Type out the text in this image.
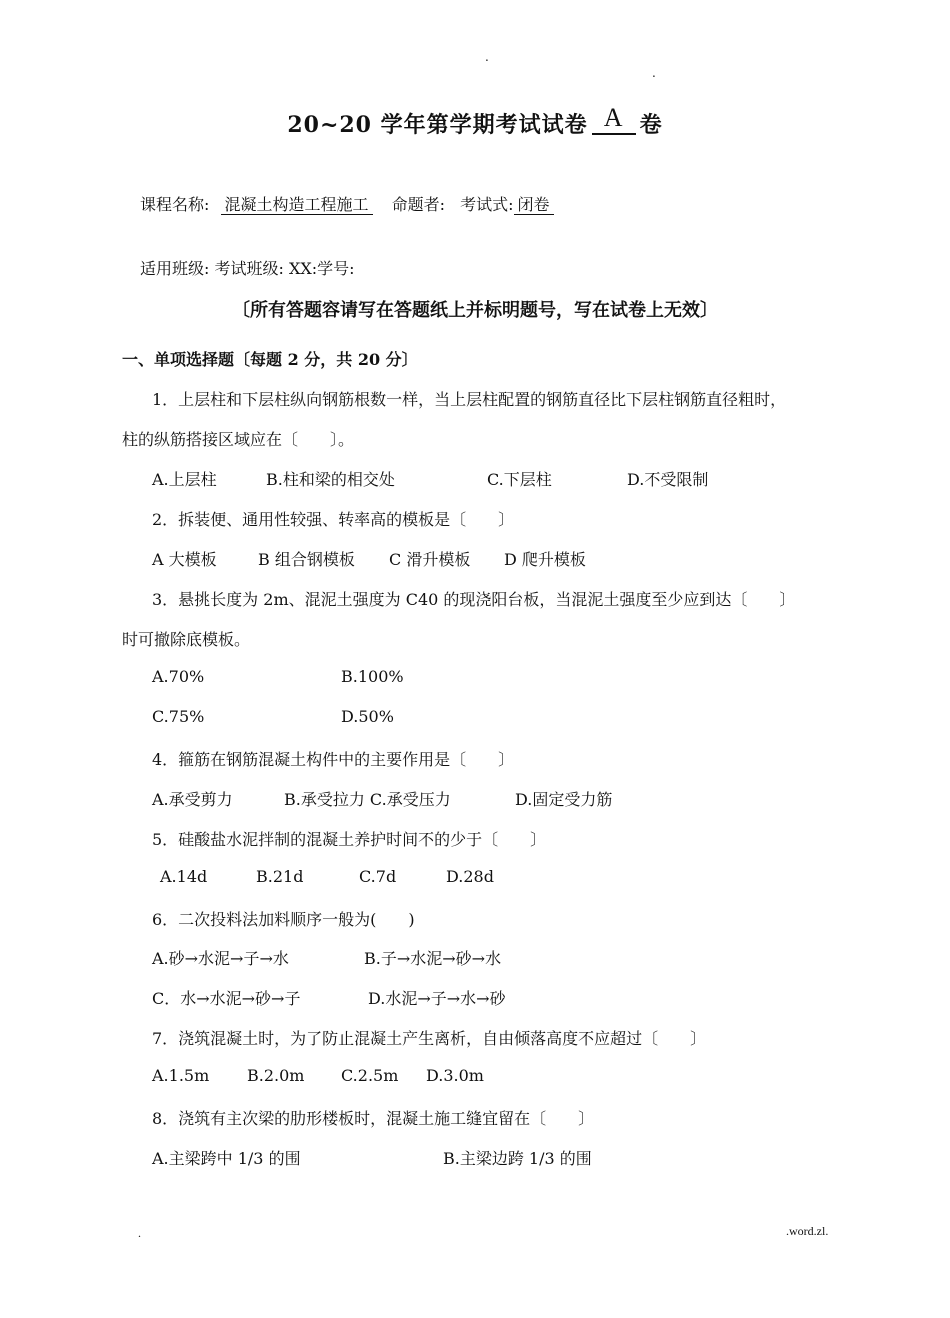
.
.
20~20 学年第学期考试试卷 A 卷
课程名称: 混凝土构造工程施工 命题者: 考试式: 闭卷
适用班级: 考试班级: XX:学号:
〔所有答题容请写在答题纸上并标明题号，写在试卷上无效〕
一、单项选择题〔每题 2 分，共 20 分〕
1．上层柱和下层柱纵向钢筋根数一样，当上层柱配置的钢筋直径比下层柱钢筋直径粗时，
柱的纵筋搭接区域应在〔　　〕。
A.上层柱	B.柱和梁的相交处	C.下层柱	D.不受限制
2．拆装便、通用性较强、转率高的模板是〔　　〕
A 大模板	B 组合钢模板 C 滑升模板 D 爬升模板
3．悬挑长度为 2m、混泥土强度为 C40 的现浇阳台板，当混泥土强度至少应到达〔　　〕
时可撤除底模板。
A.70%	B.100%
C.75%	D.50%
4．箍筋在钢筋混凝土构件中的主要作用是〔　　〕
A.承受剪力	B.承受拉力 C.承受压力	D.固定受力筋
5．硅酸盐水泥拌制的混凝土养护时间不的少于〔　　〕
A.14d	B.21d	C.7d	D.28d
6．二次投料法加料顺序一般为(　　)
A.砂→水泥→子→水	B.子→水泥→砂→水
C．水→水泥→砂→子	D.水泥→子→水→砂
7．浇筑混凝土时，为了防止混凝土产生离析，自由倾落高度不应超过〔　　〕
A.1.5m B.2.0m C.2.5m D.3.0m
8．浇筑有主次梁的肋形楼板时，混凝土施工缝宜留在〔　　〕
A.主梁跨中 1/3 的围	B.主梁边跨 1/3 的围
.	.word.zl.
